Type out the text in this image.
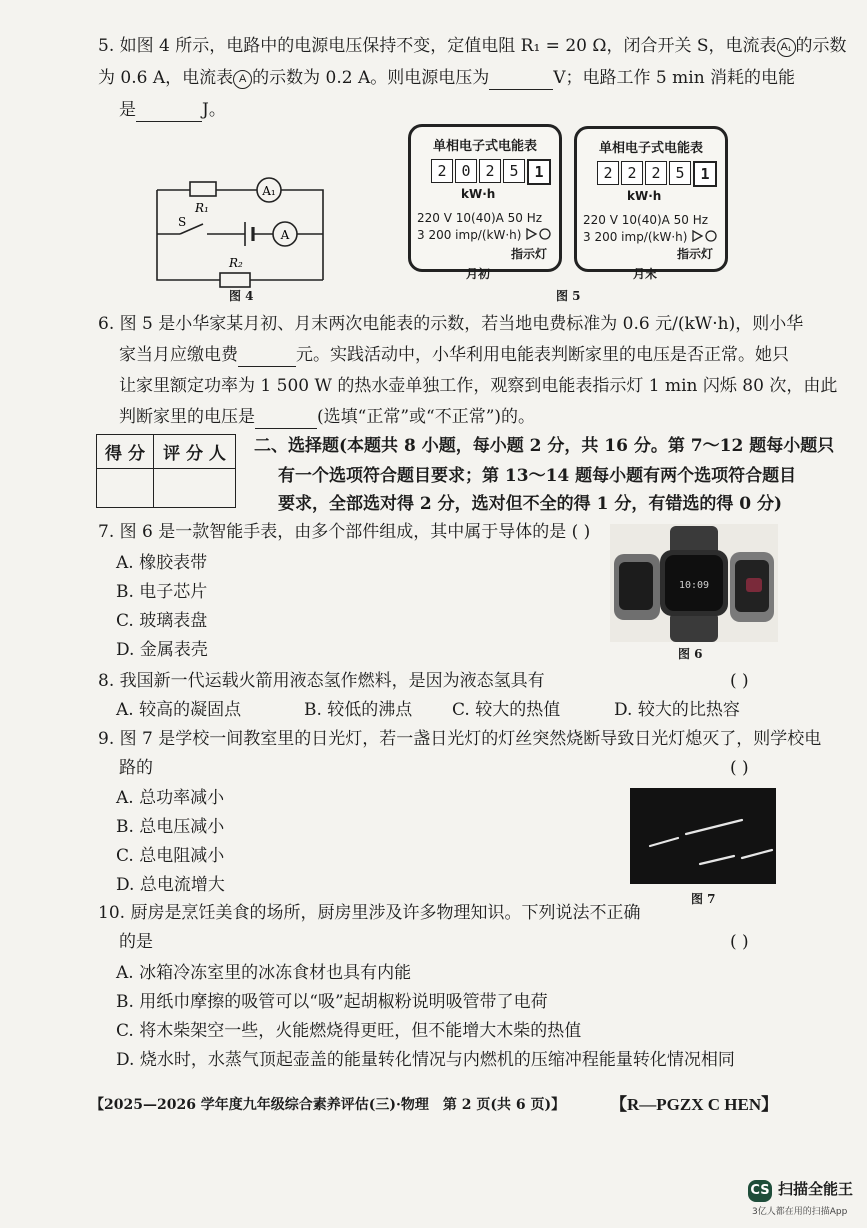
5. 如图 4 所示，电路中的电源电压保持不变，定值电阻 R₁ = 20 Ω，闭合开关 S，电流表 A₁ 的示数
为 0.6 A，电流表 A 的示数为 0.2 A。则电源电压为	V；电路工作 5 min 消耗的电能
是	J。
A₁
A
R₁
S
R₂
图 4
单相电子式电能表
2 0 2 5	1
kW·h
220 V 10(40)A 50 Hz
3 200 imp/(kW·h)
指示灯
月初
单相电子式电能表
2 2 2 5	1
kW·h
220 V 10(40)A 50 Hz
3 200 imp/(kW·h)
指示灯
月末
图 5
6. 图 5 是小华家某月初、月末两次电能表的示数，若当地电费标准为 0.6 元/(kW·h)，则小华
家当月应缴电费	元。实践活动中，小华利用电能表判断家里的电压是否正常。她只
让家里额定功率为 1 500 W 的热水壶单独工作，观察到电能表指示灯 1 min 闪烁 80 次，由此
判断家里的电压是	(选填“正常”或“不正常”)的。
得 分	评 分 人
	二、选择题(本题共 8 小题，每小题 2 分，共 16 分。第 7～12 题每小题只
有一个选项符合题目要求；第 13～14 题每小题有两个选项符合题目
要求，全部选对得 2 分，选对但不全的得 1 分，有错选的得 0 分)
7. 图 6 是一款智能手表，由多个部件组成，其中属于导体的是 ( )
A. 橡胶表带
B. 电子芯片
C. 玻璃表盘
D. 金属表壳
10:09
图 6
8. 我国新一代运载火箭用液态氢作燃料，是因为液态氢具有	( )
A. 较高的凝固点	B. 较低的沸点 C. 较大的热值	D. 较大的比热容
9. 图 7 是学校一间教室里的日光灯，若一盏日光灯的灯丝突然烧断导致日光灯熄灭了，则学校电
路的	( )
A. 总功率减小
B. 总电压减小
C. 总电阻减小
D. 总电流增大
图 7
10. 厨房是烹饪美食的场所，厨房里涉及许多物理知识。下列说法不正确
的是	( )
A. 冰箱冷冻室里的冰冻食材也具有内能
B. 用纸巾摩擦的吸管可以“吸”起胡椒粉说明吸管带了电荷
C. 将木柴架空一些，火能燃烧得更旺，但不能增大木柴的热值
D. 烧水时，水蒸气顶起壶盖的能量转化情况与内燃机的压缩冲程能量转化情况相同
【2025—2026 学年度九年级综合素养评估(三)·物理　第 2 页(共 6 页)】	【R—PGZX C HEN】
CS 扫描全能王
3亿人都在用的扫描App
